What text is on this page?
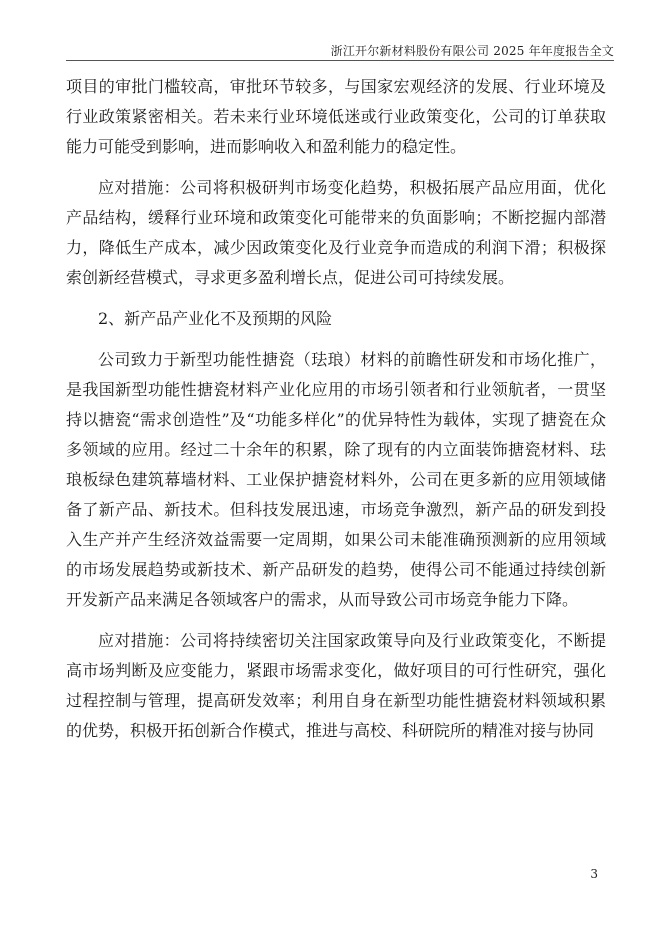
浙江开尔新材料股份有限公司 2025 年年度报告全文

项目的审批门槛较高，审批环节较多，与国家宏观经济的发展、行业环境及行业政策紧密相关。若未来行业环境低迷或行业政策变化，公司的订单获取能力可能受到影响，进而影响收入和盈利能力的稳定性。

应对措施：公司将积极研判市场变化趋势，积极拓展产品应用面，优化产品结构，缓释行业环境和政策变化可能带来的负面影响；不断挖掘内部潜力，降低生产成本，减少因政策变化及行业竞争而造成的利润下滑；积极探索创新经营模式，寻求更多盈利增长点，促进公司可持续发展。

2、新产品产业化不及预期的风险

公司致力于新型功能性搪瓷（珐琅）材料的前瞻性研发和市场化推广，是我国新型功能性搪瓷材料产业化应用的市场引领者和行业领航者，一贯坚持以搪瓷“需求创造性”及“功能多样化”的优异特性为载体，实现了搪瓷在众多领域的应用。经过二十余年的积累，除了现有的内立面装饰搪瓷材料、珐琅板绿色建筑幕墙材料、工业保护搪瓷材料外，公司在更多新的应用领域储备了新产品、新技术。但科技发展迅速，市场竞争激烈，新产品的研发到投入生产并产生经济效益需要一定周期，如果公司未能准确预测新的应用领域的市场发展趋势或新技术、新产品研发的趋势，使得公司不能通过持续创新开发新产品来满足各领域客户的需求，从而导致公司市场竞争能力下降。

应对措施：公司将持续密切关注国家政策导向及行业政策变化，不断提高市场判断及应变能力，紧跟市场需求变化，做好项目的可行性研究，强化过程控制与管理，提高研发效率；利用自身在新型功能性搪瓷材料领域积累的优势，积极开拓创新合作模式，推进与高校、科研院所的精准对接与协同

3
